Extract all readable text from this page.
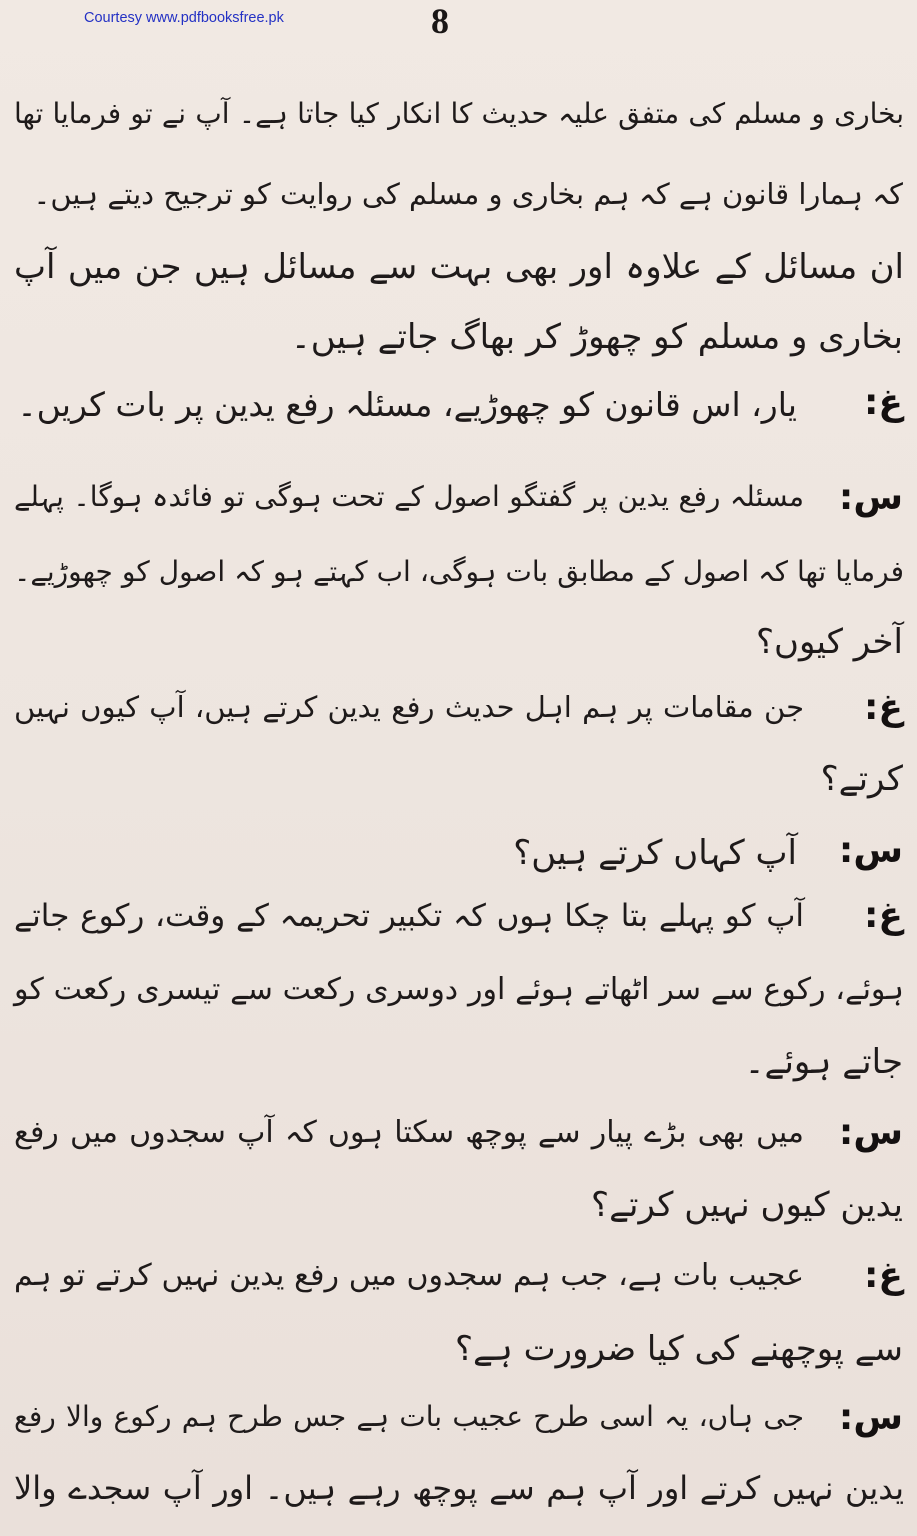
Courtesy www.pdfbooksfree.pk	8
بخاری و مسلم کی متفق علیہ حدیث کا انکار کیا جاتا ہے۔ آپ نے تو فرمایا تھا
کہ ہمارا قانون ہے کہ ہم بخاری و مسلم کی روایت کو ترجیح دیتے ہیں۔
ان مسائل کے علاوہ اور بھی بہت سے مسائل ہیں جن میں آپ
بخاری و مسلم کو چھوڑ کر بھاگ جاتے ہیں۔
غ:
یار، اس قانون کو چھوڑیے، مسئلہ رفع یدین پر بات کریں۔
س:
مسئلہ رفع یدین پر گفتگو اصول کے تحت ہوگی تو فائدہ ہوگا۔ پہلے
فرمایا تھا کہ اصول کے مطابق بات ہوگی، اب کہتے ہو کہ اصول کو چھوڑیے۔
آخر کیوں؟
غ:
جن مقامات پر ہم اہل حدیث رفع یدین کرتے ہیں، آپ کیوں نہیں
کرتے؟
س:
آپ کہاں کرتے ہیں؟
غ:
آپ کو پہلے بتا چکا ہوں کہ تکبیر تحریمہ کے وقت، رکوع جاتے
ہوئے، رکوع سے سر اٹھاتے ہوئے اور دوسری رکعت سے تیسری رکعت کو
جاتے ہوئے۔
س:
میں بھی بڑے پیار سے پوچھ سکتا ہوں کہ آپ سجدوں میں رفع
یدین کیوں نہیں کرتے؟
غ:
عجیب بات ہے، جب ہم سجدوں میں رفع یدین نہیں کرتے تو ہم
سے پوچھنے کی کیا ضرورت ہے؟
س:
جی ہاں، یہ اسی طرح عجیب بات ہے جس طرح ہم رکوع والا رفع
یدین نہیں کرتے اور آپ ہم سے پوچھ رہے ہیں۔ اور آپ سجدے والا
